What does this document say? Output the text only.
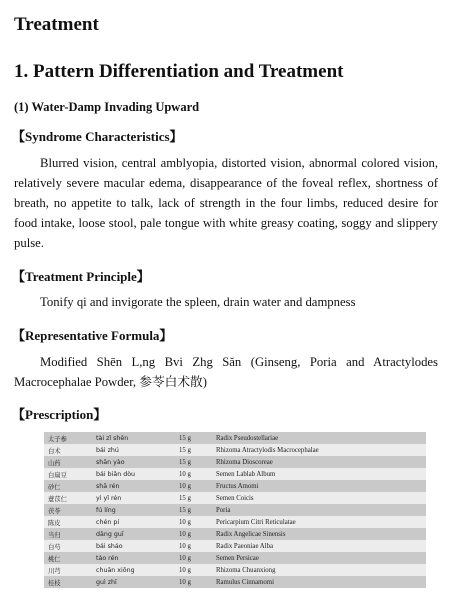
Treatment
1. Pattern Differentiation and Treatment
(1) Water-Damp Invading Upward
【Syndrome Characteristics】

Blurred vision, central amblyopia, distorted vision, abnormal colored vision, relatively severe macular edema, disappearance of the foveal reflex, shortness of breath, no appetite to talk, lack of strength in the four limbs, reduced desire for food intake, loose stool, pale tongue with white greasy coating, soggy and slippery pulse.

【Treatment Principle】

Tonify qi and invigorate the spleen, drain water and dampness

【Representative Formula】

Modified Shēn L,ng Bvi Zhg Săn (Ginseng, Poria and Atractylodes Macrocephalae Powder, 参苓白术散)

【Prescription】
太子参	tài zǐ shēn	15 g	Radix Pseudostellariae
白术	bái zhú	15 g	Rhizoma Atractylodis Macrocephalae
山药	shān yào	15 g	Rhizoma Dioscoreae
白扁豆	bái biǎn dòu	10 g	Semen Lablab Album
砂仁	shā rén	10 g	Fructus Amomi
薏苡仁	yì yǐ rén	15 g	Semen Coicis
茯苓	fú líng	15 g	Poria
陈皮	chén pí	10 g	Pericarpium Citri Reticulatae
当归	dāng guī	10 g	Radix Angelicae Sinensis
白芍	bái sháo	10 g	Radix Paeoniae Alba
桃仁	táo rén	10 g	Semen Persicae
川芎	chuān xiōng	10 g	Rhizoma Chuanxiong
桂枝	guì zhī	10 g	Ramulus Cinnamomi
